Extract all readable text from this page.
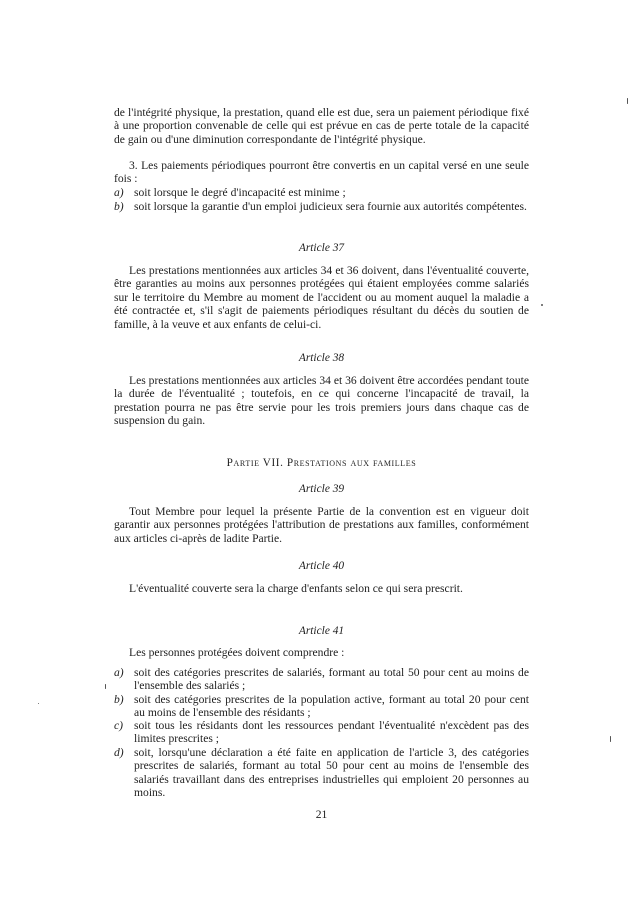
de l'intégrité physique, la prestation, quand elle est due, sera un paiement périodique fixé à une proportion convenable de celle qui est prévue en cas de perte totale de la capacité de gain ou d'une diminution correspondante de l'intégrité physique.

3. Les paiements périodiques pourront être convertis en un capital versé en une seule fois :

a) soit lorsque le degré d'incapacité est minime ;
b) soit lorsque la garantie d'un emploi judicieux sera fournie aux autorités compétentes.

Article 37

Les prestations mentionnées aux articles 34 et 36 doivent, dans l'éventualité couverte, être garanties au moins aux personnes protégées qui étaient employées comme salariés sur le territoire du Membre au moment de l'accident ou au moment auquel la maladie a été contractée et, s'il s'agit de paiements périodiques résultant du décès du soutien de famille, à la veuve et aux enfants de celui-ci.

Article 38

Les prestations mentionnées aux articles 34 et 36 doivent être accordées pendant toute la durée de l'éventualité ; toutefois, en ce qui concerne l'incapacité de travail, la prestation pourra ne pas être servie pour les trois premiers jours dans chaque cas de suspension du gain.

Partie VII. Prestations aux familles

Article 39

Tout Membre pour lequel la présente Partie de la convention est en vigueur doit garantir aux personnes protégées l'attribution de prestations aux familles, conformément aux articles ci-après de ladite Partie.

Article 40

L'éventualité couverte sera la charge d'enfants selon ce qui sera prescrit.

Article 41

Les personnes protégées doivent comprendre :

a) soit des catégories prescrites de salariés, formant au total 50 pour cent au moins de l'ensemble des salariés ;
b) soit des catégories prescrites de la population active, formant au total 20 pour cent au moins de l'ensemble des résidants ;
c) soit tous les résidants dont les ressources pendant l'éventualité n'excèdent pas des limites prescrites ;
d) soit, lorsqu'une déclaration a été faite en application de l'article 3, des catégories prescrites de salariés, formant au total 50 pour cent au moins de l'ensemble des salariés travaillant dans des entreprises industrielles qui emploient 20 personnes au moins.

21
